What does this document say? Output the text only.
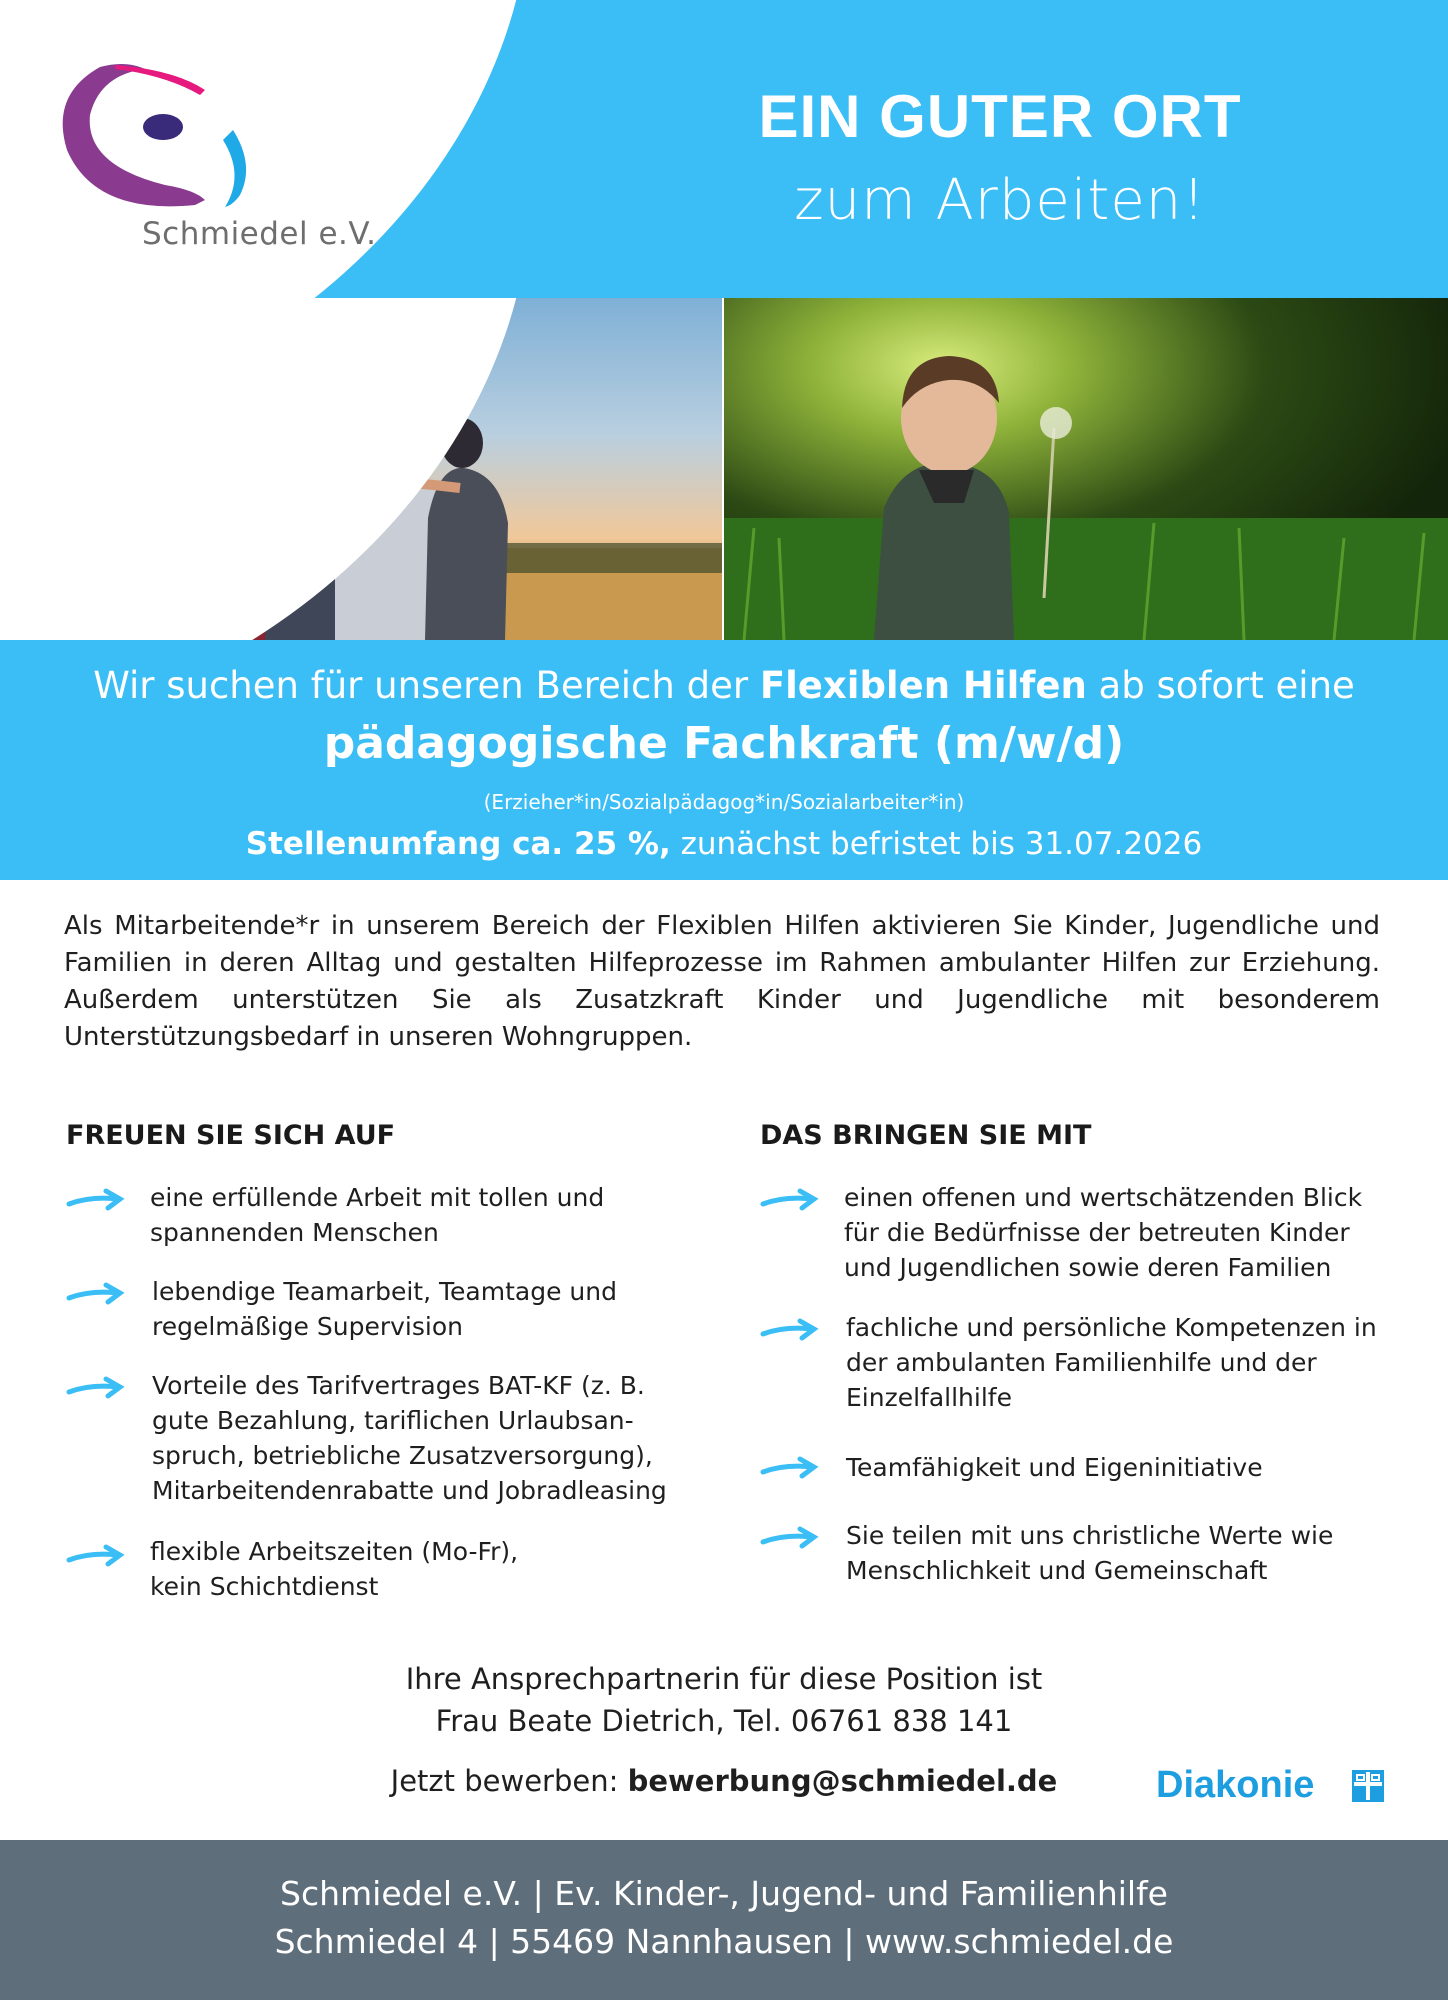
Schmiedel e.V.
EIN GUTER ORT
zum Arbeiten!
Wir suchen für unseren Bereich der Flexiblen Hilfen ab sofort eine
pädagogische Fachkraft (m/w/d)
(Erzieher*in/Sozialpädagog*in/Sozialarbeiter*in)
Stellenumfang ca. 25 %, zunächst befristet bis 31.07.2026
Als Mitarbeitende*r in unserem Bereich der Flexiblen Hilfen aktivieren Sie Kinder, Jugendliche und Familien in deren Alltag und gestalten Hilfeprozesse im Rahmen ambulanter Hilfen zur Erziehung. Außerdem unterstützen Sie als Zusatzkraft Kinder und Jugendliche mit besonderem Unterstützungsbedarf in unseren Wohngruppen.
FREUEN SIE SICH AUF
eine erfüllende Arbeit mit tollen und spannenden Menschen
lebendige Teamarbeit, Teamtage und regelmäßige Supervision
Vorteile des Tarifvertrages BAT-KF (z. B. gute Bezahlung, tariflichen Urlaubsan-spruch, betriebliche Zusatzversorgung), Mitarbeitendenrabatte und Jobradleasing
flexible Arbeitszeiten (Mo-Fr), kein Schichtdienst
DAS BRINGEN SIE MIT
einen offenen und wertschätzenden Blick für die Bedürfnisse der betreuten Kinder und Jugendlichen sowie deren Familien
fachliche und persönliche Kompetenzen in der ambulanten Familienhilfe und der Einzelfallhilfe
Teamfähigkeit und Eigeninitiative
Sie teilen mit uns christliche Werte wie Menschlichkeit und Gemeinschaft
Ihre Ansprechpartnerin für diese Position ist
Frau Beate Dietrich, Tel. 06761 838 141
Jetzt bewerben: bewerbung@schmiedel.de	Diakonie
Schmiedel e.V. | Ev. Kinder-, Jugend- und Familienhilfe
Schmiedel 4 | 55469 Nannhausen | www.schmiedel.de
